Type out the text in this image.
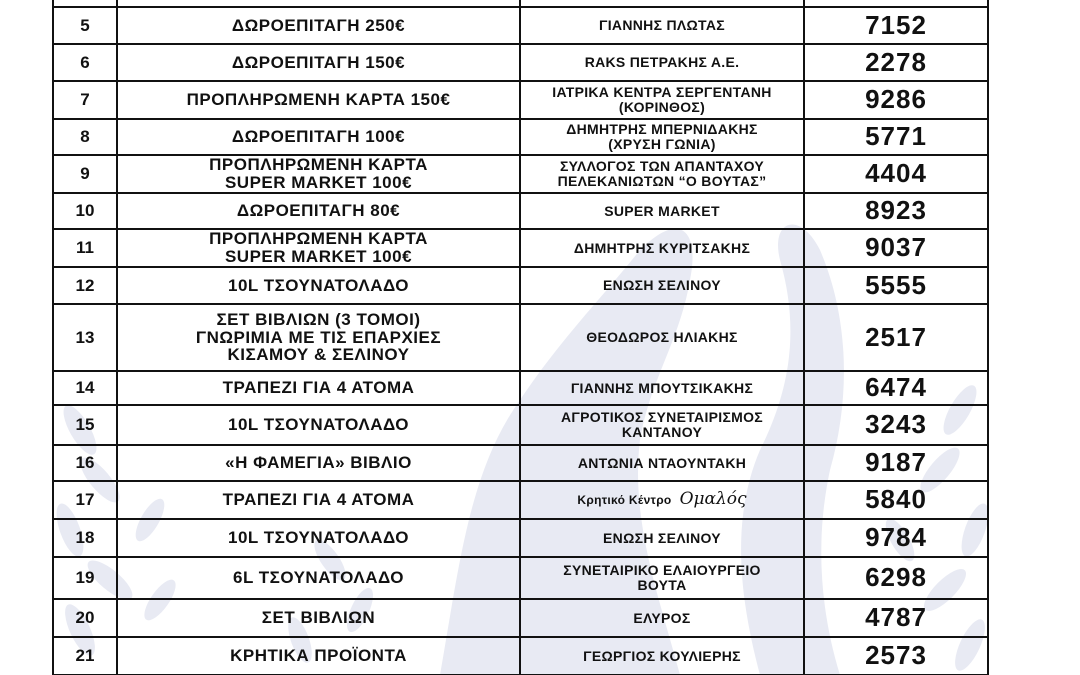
5	ΔΩΡΟΕΠΙΤΑΓΗ 250€	ΓΙΑΝΝΗΣ ΠΛΩΤΑΣ	7152
6	ΔΩΡΟΕΠΙΤΑΓΗ 150€	RAKS ΠΕΤΡΑΚΗΣ Α.Ε.	2278
7	ΠΡΟΠΛΗΡΩΜΕΝΗ ΚΑΡΤΑ 150€	ΙΑΤΡΙΚΑ ΚΕΝΤΡΑ ΣΕΡΓΕΝΤΑΝΗ
(ΚΟΡΙΝΘΟΣ)	9286
8	ΔΩΡΟΕΠΙΤΑΓΗ 100€	ΔΗΜΗΤΡΗΣ ΜΠΕΡΝΙΔΑΚΗΣ
(ΧΡΥΣΗ ΓΩΝΙΑ)	5771
9	ΠΡΟΠΛΗΡΩΜΕΝΗ ΚΑΡΤΑ
SUPER MARKET 100€	ΣΥΛΛΟΓΟΣ ΤΩΝ ΑΠΑΝΤΑΧΟΥ
ΠΕΛΕΚΑΝΙΩΤΩΝ “Ο ΒΟΥΤΑΣ”	4404
10	ΔΩΡΟΕΠΙΤΑΓΗ 80€	SUPER MARKET	8923
11	ΠΡΟΠΛΗΡΩΜΕΝΗ ΚΑΡΤΑ
SUPER MARKET 100€	ΔΗΜΗΤΡΗΣ ΚΥΡΙΤΣΑΚΗΣ	9037
12	10L ΤΣΟΥΝΑΤΟΛΑΔΟ	ΕΝΩΣΗ ΣΕΛΙΝΟΥ	5555
13	ΣΕΤ ΒΙΒΛΙΩΝ (3 ΤΟΜΟΙ)
ΓΝΩΡΙΜΙΑ ΜΕ ΤΙΣ ΕΠΑΡΧΙΕΣ
ΚΙΣΑΜΟΥ & ΣΕΛΙΝΟΥ	ΘΕΟΔΩΡΟΣ ΗΛΙΑΚΗΣ	2517
14	ΤΡΑΠΕΖΙ ΓΙΑ 4 ΑΤΟΜΑ	ΓΙΑΝΝΗΣ ΜΠΟΥΤΣΙΚΑΚΗΣ	6474
15	10L ΤΣΟΥΝΑΤΟΛΑΔΟ	ΑΓΡΟΤΙΚΟΣ ΣΥΝΕΤΑΙΡΙΣΜΟΣ
ΚΑΝΤΑΝΟΥ	3243
16	«Η ΦΑΜΕΓΙΑ» ΒΙΒΛΙΟ	ΑΝΤΩΝΙΑ ΝΤΑΟΥΝΤΑΚΗ	9187
17	ΤΡΑΠΕΖΙ ΓΙΑ 4 ΑΤΟΜΑ	Κρητικό Κέντρο Ομαλός	5840
18	10L ΤΣΟΥΝΑΤΟΛΑΔΟ	ΕΝΩΣΗ ΣΕΛΙΝΟΥ	9784
19	6L ΤΣΟΥΝΑΤΟΛΑΔΟ	ΣΥΝΕΤΑΙΡΙΚΟ ΕΛΑΙΟΥΡΓΕΙΟ
ΒΟΥΤΑ	6298
20	ΣΕΤ ΒΙΒΛΙΩΝ	ΕΛΥΡΟΣ	4787
21	ΚΡΗΤΙΚΑ ΠΡΟΪΟΝΤΑ	ΓΕΩΡΓΙΟΣ ΚΟΥΛΙΕΡΗΣ	2573
